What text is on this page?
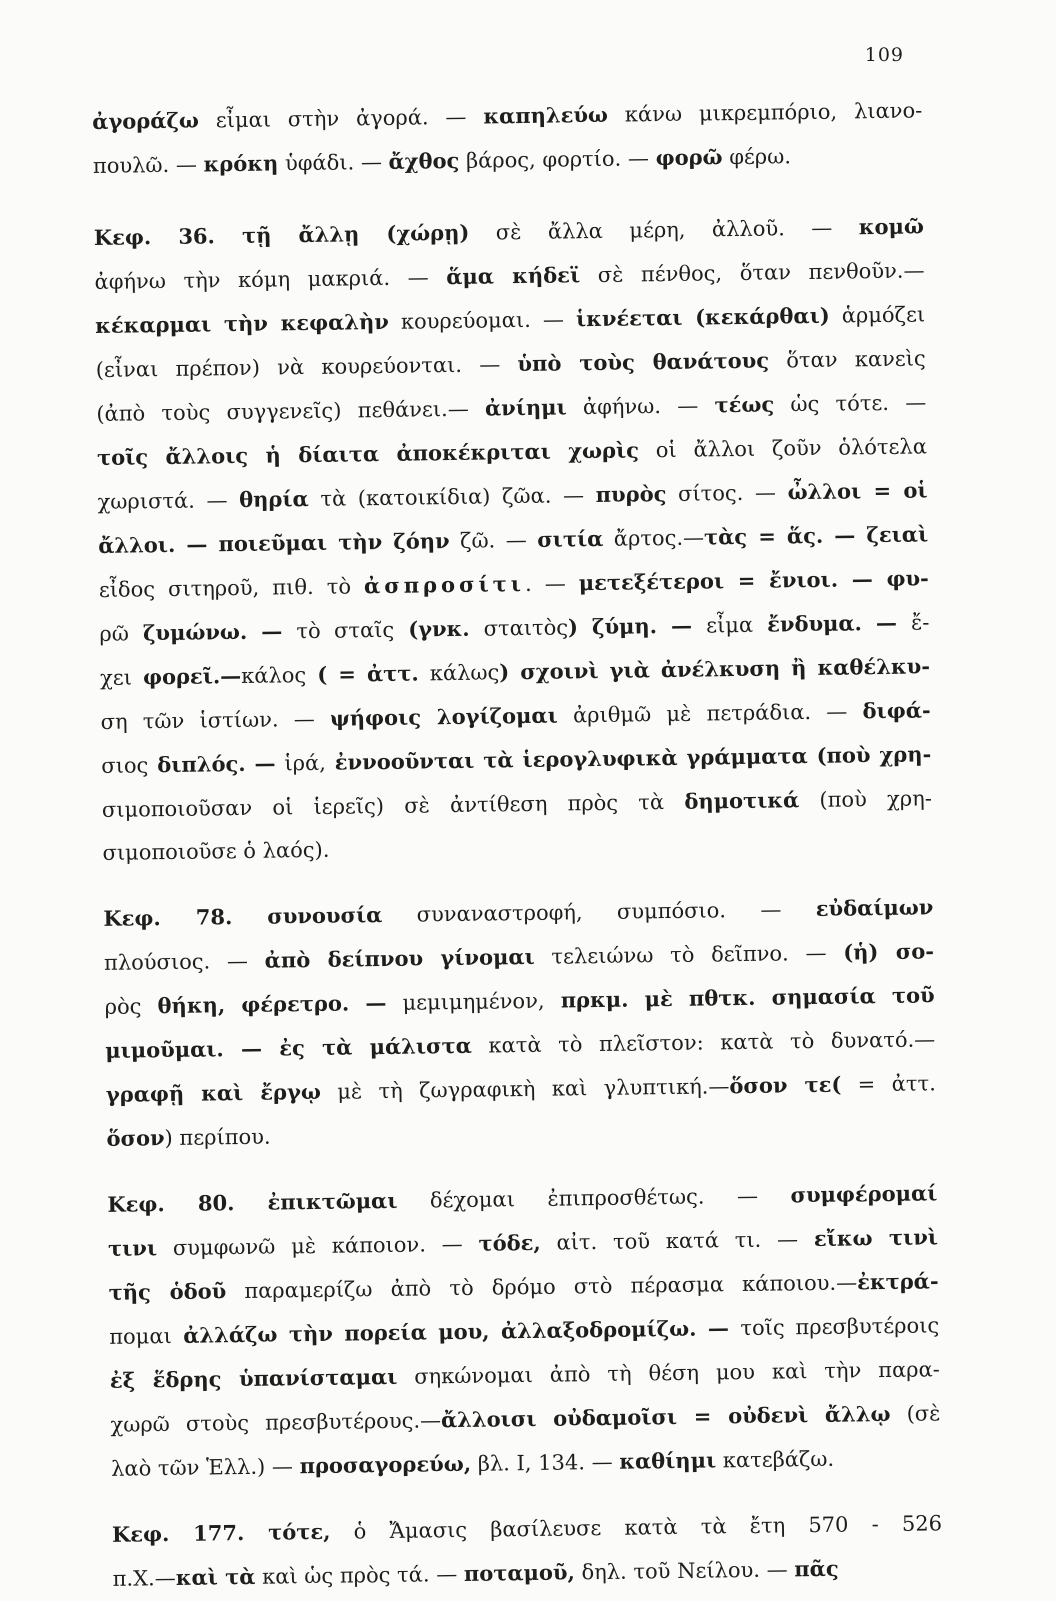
109
ἀγοράζω εἶμαι στὴν ἀγορά. — καπηλεύω κάνω μικρεμπόριο, λιανο-
πουλῶ. — κρόκη ὑφάδι. — ἄχθος βάρος, φορτίο. — φορῶ φέρω.
Κεφ. 36. τῇ ἄλλῃ (χώρῃ) σὲ ἄλλα μέρη, ἀλλοῦ. — κομῶ
ἀφήνω τὴν κόμη μακριά. — ἅμα κήδεϊ σὲ πένθος, ὅταν πενθοῦν.—
κέκαρμαι τὴν κεφαλὴν κουρεύομαι. — ἱκνέεται (κεκάρθαι) ἁρμόζει
(εἶναι πρέπον) νὰ κουρεύονται. — ὑπὸ τοὺς θανάτους ὅταν κανεὶς
(ἀπὸ τοὺς συγγενεῖς) πεθάνει.— ἀνίημι ἀφήνω. — τέως ὡς τότε. —
τοῖς ἄλλοις ἡ δίαιτα ἀποκέκριται χωρὶς οἱ ἄλλοι ζοῦν ὁλότελα
χωριστά. — θηρία τὰ (κατοικίδια) ζῶα. — πυρὸς σίτος. — ὦλλοι = οἱ
ἄλλοι. — ποιεῦμαι τὴν ζόην ζῶ. — σιτία ἄρτος.—τὰς = ἅς. — ζειαὶ
εἶδος σιτηροῦ, πιθ. τὸ ἀσπροσίτι. — μετεξέτεροι = ἔνιοι. — φυ-
ρῶ ζυμώνω. — τὸ σταῖς (γνκ. σταιτὸς) ζύμη. — εἶμα ἔνδυμα. — ἔ-
χει φορεῖ.—κάλος ( = ἀττ. κάλως) σχοινὶ γιὰ ἀνέλκυση ἢ καθέλκυ-
ση τῶν ἱστίων. — ψήφοις λογίζομαι ἀριθμῶ μὲ πετράδια. — διφά-
σιος διπλός. — ἱρά, ἐννοοῦνται τὰ ἱερογλυφικὰ γράμματα (ποὺ χρη-
σιμοποιοῦσαν οἱ ἱερεῖς) σὲ ἀντίθεση πρὸς τὰ δημοτικά (ποὺ χρη-
σιμοποιοῦσε ὁ λαός).
Κεφ. 78. συνουσία συναναστροφή, συμπόσιο. — εὐδαίμων
πλούσιος. — ἀπὸ δείπνου γίνομαι τελειώνω τὸ δεῖπνο. — (ἡ) σο-
ρὸς θήκη, φέρετρο. — μεμιμημένον, πρκμ. μὲ πθτκ. σημασία τοῦ
μιμοῦμαι. — ἐς τὰ μάλιστα κατὰ τὸ πλεῖστον: κατὰ τὸ δυνατό.—
γραφῇ καὶ ἔργῳ μὲ τὴ ζωγραφικὴ καὶ γλυπτική.—ὅσον τε( = ἀττ.
ὅσον) περίπου.
Κεφ. 80. ἐπικτῶμαι δέχομαι ἐπιπροσθέτως. — συμφέρομαί
τινι συμφωνῶ μὲ κάποιον. — τόδε, αἰτ. τοῦ κατά τι. — εἴκω τινὶ
τῆς ὁδοῦ παραμερίζω ἀπὸ τὸ δρόμο στὸ πέρασμα κάποιου.—ἐκτρά-
πομαι ἀλλάζω τὴν πορεία μου, ἀλλαξοδρομίζω. — τοῖς πρεσβυτέροις
ἐξ ἕδρης ὑπανίσταμαι σηκώνομαι ἀπὸ τὴ θέση μου καὶ τὴν παρα-
χωρῶ στοὺς πρεσβυτέρους.—ἄλλοισι οὐδαμοῖσι = οὐδενὶ ἄλλῳ (σὲ
λαὸ τῶν Ἑλλ.) — προσαγορεύω, βλ. I, 134. — καθίημι κατεβάζω.
Κεφ. 177. τότε, ὁ Ἄμασις βασίλευσε κατὰ τὰ ἔτη 570 - 526
π.Χ.—καὶ τὰ καὶ ὡς πρὸς τά. — ποταμοῦ, δηλ. τοῦ Νείλου. — πᾶς
